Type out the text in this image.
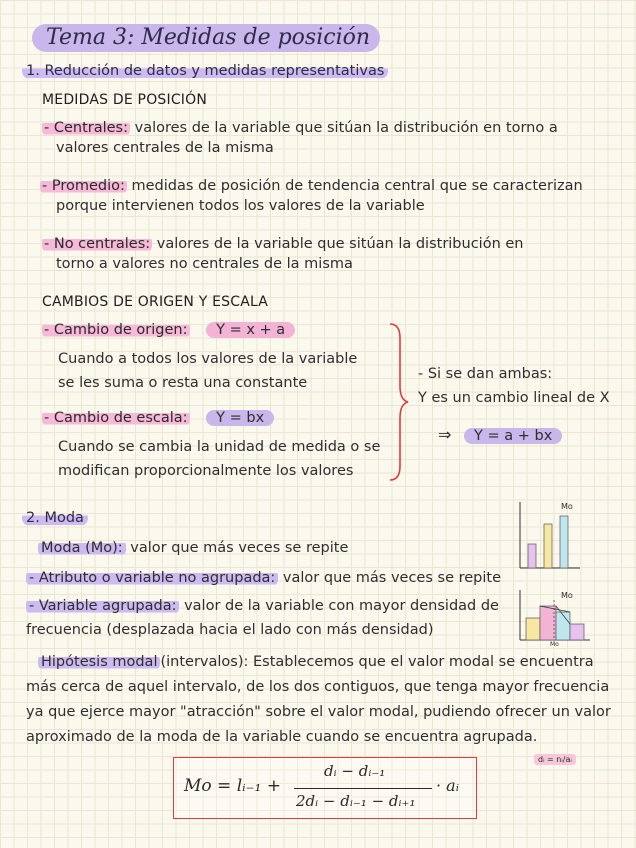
Tema 3: Medidas de posición
1. Reducción de datos y medidas representativas
MEDIDAS DE POSICIÓN
- Centrales: valores de la variable que sitúan la distribución en torno a
valores centrales de la misma
- Promedio: medidas de posición de tendencia central que se caracterizan
porque intervienen todos los valores de la variable
- No centrales: valores de la variable que sitúan la distribución en
torno a valores no centrales de la misma
CAMBIOS DE ORIGEN Y ESCALA
- Cambio de origen: Y = x + a
Cuando a todos los valores de la variable
se les suma o resta una constante
- Cambio de escala: Y = bx
Cuando se cambia la unidad de medida o se
modifican proporcionalmente los valores
- Si se dan ambas:
Y es un cambio lineal de X
⇒ Y = a + bx
2. Moda
Moda (Mo): valor que más veces se repite
- Atributo o variable no agrupada: valor que más veces se repite
- Variable agrupada: valor de la variable con mayor densidad de
frecuencia (desplazada hacia el lado con más densidad)
Mo
Mo
Mo
Hipótesis modal (intervalos): Establecemos que el valor modal se encuentra
más cerca de aquel intervalo, de los dos contiguos, que tenga mayor frecuencia
ya que ejerce mayor "atracción" sobre el valor modal, pudiendo ofrecer un valor
aproximado de la moda de la variable cuando se encuentra agrupada.
dᵢ = nᵢ/aᵢ
Mo = lᵢ₋₁ +
dᵢ − dᵢ₋₁
2dᵢ − dᵢ₋₁ − dᵢ₊₁
· aᵢ
